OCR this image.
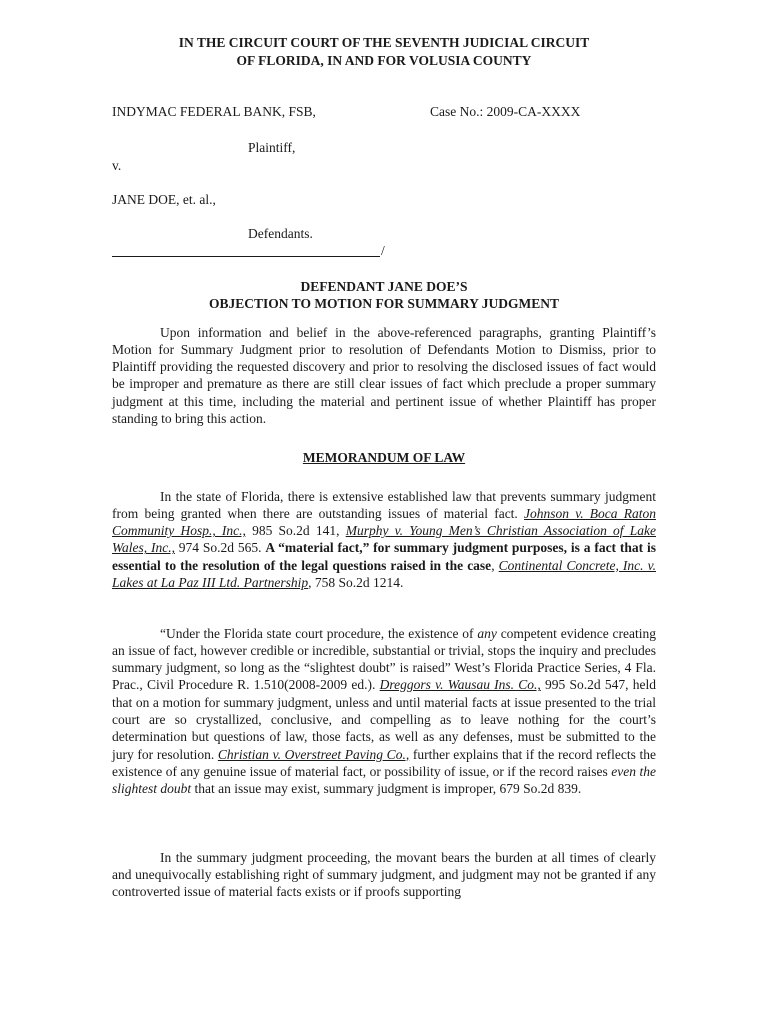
IN THE CIRCUIT COURT OF THE SEVENTH JUDICIAL CIRCUIT
OF FLORIDA, IN AND FOR VOLUSIA COUNTY
INDYMAC FEDERAL BANK, FSB,	Case No.: 2009-CA-XXXX
Plaintiff,
v.
JANE DOE, et. al.,
Defendants.
/
DEFENDANT JANE DOE’S
OBJECTION TO MOTION FOR SUMMARY JUDGMENT

Upon information and belief in the above-referenced paragraphs, granting Plaintiff’s Motion for Summary Judgment prior to resolution of Defendants Motion to Dismiss, prior to Plaintiff providing the requested discovery and prior to resolving the disclosed issues of fact would be improper and premature as there are still clear issues of fact which preclude a proper summary judgment at this time, including the material and pertinent issue of whether Plaintiff has proper standing to bring this action.

MEMORANDUM OF LAW

In the state of Florida, there is extensive established law that prevents summary judgment from being granted when there are outstanding issues of material fact. Johnson v. Boca Raton Community Hosp., Inc., 985 So.2d 141, Murphy v. Young Men’s Christian Association of Lake Wales, Inc., 974 So.2d 565. A “material fact,” for summary judgment purposes, is a fact that is essential to the resolution of the legal questions raised in the case, Continental Concrete, Inc. v. Lakes at La Paz III Ltd. Partnership, 758 So.2d 1214.

“Under the Florida state court procedure, the existence of any competent evidence creating an issue of fact, however credible or incredible, substantial or trivial, stops the inquiry and precludes summary judgment, so long as the “slightest doubt” is raised” West’s Florida Practice Series, 4 Fla. Prac., Civil Procedure R. 1.510(2008-2009 ed.). Dreggors v. Wausau Ins. Co., 995 So.2d 547, held that on a motion for summary judgment, unless and until material facts at issue presented to the trial court are so crystallized, conclusive, and compelling as to leave nothing for the court’s determination but questions of law, those facts, as well as any defenses, must be submitted to the jury for resolution. Christian v. Overstreet Paving Co., further explains that if the record reflects the existence of any genuine issue of material fact, or possibility of issue, or if the record raises even the slightest doubt that an issue may exist, summary judgment is improper, 679 So.2d 839.

In the summary judgment proceeding, the movant bears the burden at all times of clearly and unequivocally establishing right of summary judgment, and judgment may not be granted if any controverted issue of material facts exists or if proofs supporting
